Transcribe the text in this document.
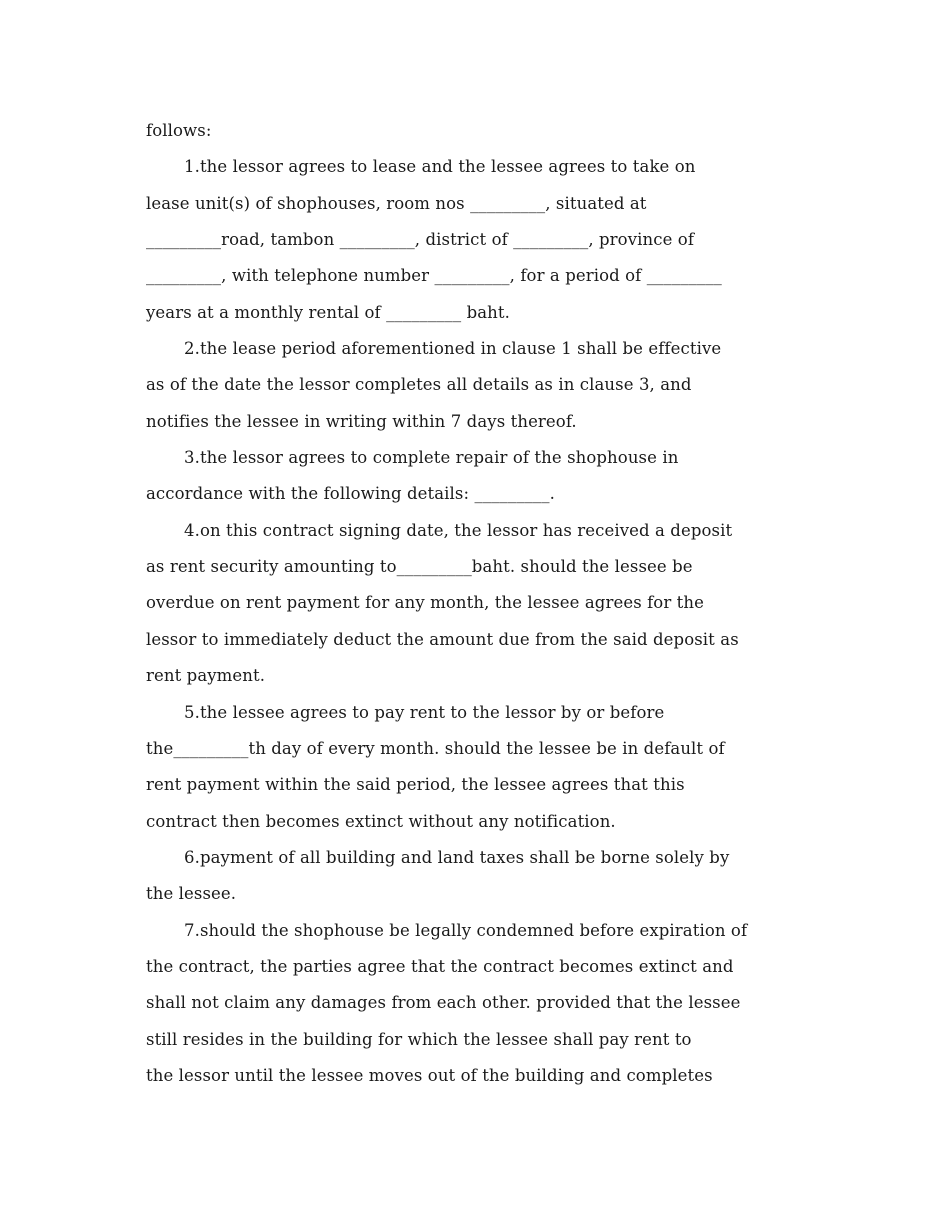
follows:
1.the lessor agrees to lease and the lessee agrees to take on
lease unit(s) of shophouses, room nos _________, situated at
_________road, tambon _________, district of _________, province of
_________, with telephone number _________, for a period of _________
years at a monthly rental of _________ baht.
2.the lease period aforementioned in clause 1 shall be effective
as of the date the lessor completes all details as in clause 3, and
notifies the lessee in writing within 7 days thereof.
3.the lessor agrees to complete repair of the shophouse in
accordance with the following details: _________.
4.on this contract signing date, the lessor has received a deposit
as rent security amounting to_________baht. should the lessee be
overdue on rent payment for any month, the lessee agrees for the
lessor to immediately deduct the amount due from the said deposit as
rent payment.
5.the lessee agrees to pay rent to the lessor by or before
the_________th day of every month. should the lessee be in default of
rent payment within the said period, the lessee agrees that this
contract then becomes extinct without any notification.
6.payment of all building and land taxes shall be borne solely by
the lessee.
7.should the shophouse be legally condemned before expiration of
the contract, the parties agree that the contract becomes extinct and
shall not claim any damages from each other. provided that the lessee
still resides in the building for which the lessee shall pay rent to
the lessor until the lessee moves out of the building and completes
